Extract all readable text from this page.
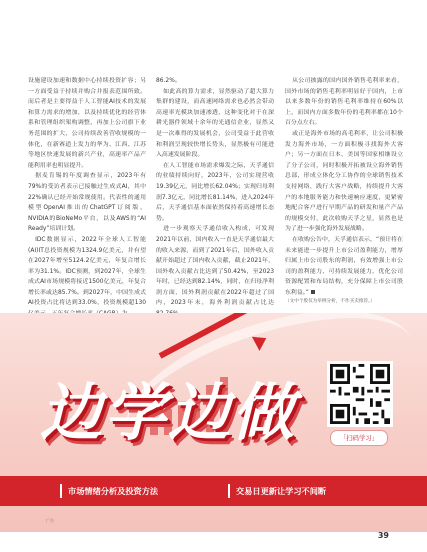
设施建设加速和数据中心持续投资扩容；另一方面受益于持续并购合并报表范围所致。而后者是主要得益于人工智能AI技术的发展和算力需求的增加，以及持续优化的经营体系和管理组织架构调整，再加上公司旗下业务范围的扩大，公司持续改善营收规模的一体化，在新赛道上发力的华为、江西、江苏等地区快速发展的新兴产业，高速率产品产能利用率也明显提升。

据麦肯锡的年度调查显示，2023年有79%的受访者表示已接触过生成式AI，其中22%确认已经开始常规使用。代表性的通用模型OpenAI推出的ChatGPT订阅版，NVIDIA的BioNeMo平台，以及AWS的“AI Ready”培训计划。

IDC数据显示，2022年全球人工智能(AI)IT总投资规模为1324.9亿美元，并有望在2027年增至5124.2亿美元，年复合增长率为31.1%。IDC预测，到2027年，全球生成式AI市场规模将接近1500亿美元，年复合增长率或达85.7%。到2027年，中国生成式AI投资占比将达到33.0%，投资规模超130

86.2%。

如此高的算力需求，显然驱动了超大算力集群的建设，而高速网络需求也必然会带动高速率光模块加速渗透，这种变化对于在深耕光器件领域十余年的光通信企业，显然又是一次难得的发展机会，公司受益于此营收和利润呈现较快增长势头，显然极有可能进入高速发展阶段。

在人工智能市场需求爆发之际，天孚通信的业绩持续向好，2023年，公司实现营收19.39亿元，同比增长62.04%；实现归母利润7.3亿元，同比增长81.14%，进入2024年后，天孚通信基本面依然保持着高速增长态势。

进一步观察天孚通信收入构成，可发现2021年以前，国内收入一直是天孚通信最大的收入来源，而到了2021年后，国外收入贡献开始超过了国内收入贡献，截止2021年，国外收入贡献占比达到了50.42%，至2023年时，已经达到82.14%，同时，在归母净利润方面，国外利润贡献在2022年超过了国内，2023年末，海外利润贡献占比达

从公司披露的国内国外销售毛利率来看，国外市场的销售毛利率明显好于国内，上市以来多数年份的销售毛利率维持在60%以上，而国内方面多数年份的毛利率都在10个百分点左右。

或正是海外市场的高毛利率，让公司积极发力海外市场，一方面积极寻找海外大客户；另一方面在日本、美国等国家相继设立了分子公司，同时积极开拓被设立海外销售总部，形成立体化分工协作的全球销售技术支持网络，践行大客户战略，持续提升大客户的本地服务能力和快速响应速度，更紧密地配合客户进行早期产品的研发和量产产品的规模交付，此次收购天孚之星，显然也是为了进一步强化海外发展战略。

在收购公告中，天孚通信表示，“预计将在未来能进一步提升上市公司盈利能力，增厚归属上市公司股东的利润，有效增强上市公司的盈利能力、可持续发展能力，优化公司资源配置和布局结构，充分保障上市公司股东利益。”

（文中个股仅为举例分析，不作买卖推荐。）

边学边做	「扫码学习」
市场情绪分析及投资方法	交易日更新让学习不间断
广告
39
